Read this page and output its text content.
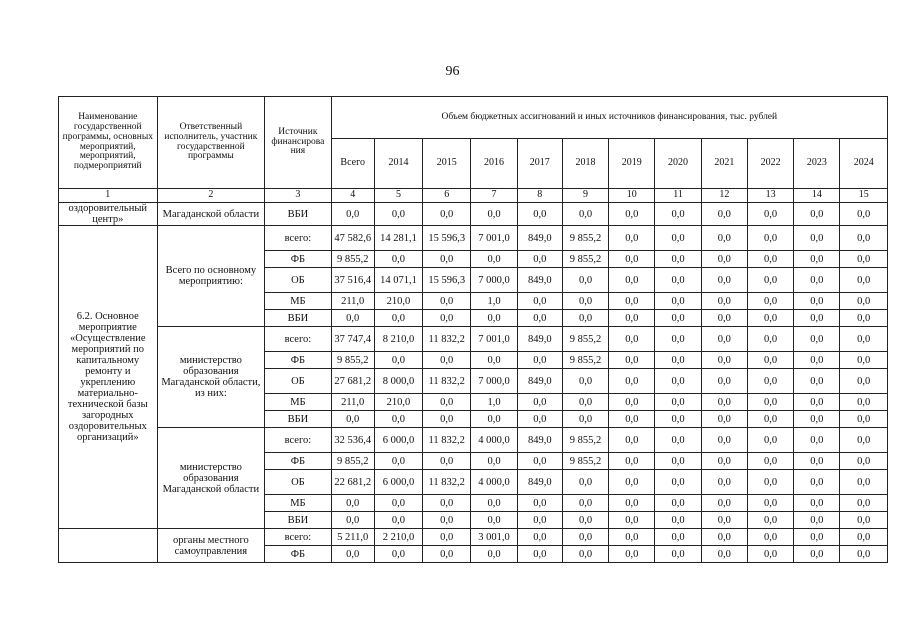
96
Наименование государственной программы, основных мероприятий, мероприятий, подмероприятий	Ответственный исполнитель, участник государственной программы	Источник финансирова ния	Объем бюджетных ассигнований и иных источников финансирования, тыс. рублей											
			Всего	2014	2015	2016	2017	2018	2019	2020	2021	2022	2023	2024
1	2	3	4	5	6	7	8	9	10	11	12	13	14	15
оздоровительный центр»	Магаданской области	ВБИ	0,0	0,0	0,0	0,0	0,0	0,0	0,0	0,0	0,0	0,0	0,0	0,0
6.2. Основное мероприятие «Осуществление мероприятий по капитальному ремонту и укреплению материально-технической базы загородных оздоровительных организаций»	Всего по основному мероприятию:	всего:	47 582,6	14 281,1	15 596,3	7 001,0	849,0	9 855,2	0,0	0,0	0,0	0,0	0,0	0,0
		ФБ	9 855,2	0,0	0,0	0,0	0,0	9 855,2	0,0	0,0	0,0	0,0	0,0	0,0
		ОБ	37 516,4	14 071,1	15 596,3	7 000,0	849,0	0,0	0,0	0,0	0,0	0,0	0,0	0,0
		МБ	211,0	210,0	0,0	1,0	0,0	0,0	0,0	0,0	0,0	0,0	0,0	0,0
		ВБИ	0,0	0,0	0,0	0,0	0,0	0,0	0,0	0,0	0,0	0,0	0,0	0,0
	министерство образования Магаданской области, из них:	всего:	37 747,4	8 210,0	11 832,2	7 001,0	849,0	9 855,2	0,0	0,0	0,0	0,0	0,0	0,0
		ФБ	9 855,2	0,0	0,0	0,0	0,0	9 855,2	0,0	0,0	0,0	0,0	0,0	0,0
		ОБ	27 681,2	8 000,0	11 832,2	7 000,0	849,0	0,0	0,0	0,0	0,0	0,0	0,0	0,0
		МБ	211,0	210,0	0,0	1,0	0,0	0,0	0,0	0,0	0,0	0,0	0,0	0,0
		ВБИ	0,0	0,0	0,0	0,0	0,0	0,0	0,0	0,0	0,0	0,0	0,0	0,0
	министерство образования Магаданской области	всего:	32 536,4	6 000,0	11 832,2	4 000,0	849,0	9 855,2	0,0	0,0	0,0	0,0	0,0	0,0
		ФБ	9 855,2	0,0	0,0	0,0	0,0	9 855,2	0,0	0,0	0,0	0,0	0,0	0,0
		ОБ	22 681,2	6 000,0	11 832,2	4 000,0	849,0	0,0	0,0	0,0	0,0	0,0	0,0	0,0
		МБ	0,0	0,0	0,0	0,0	0,0	0,0	0,0	0,0	0,0	0,0	0,0	0,0
		ВБИ	0,0	0,0	0,0	0,0	0,0	0,0	0,0	0,0	0,0	0,0	0,0	0,0
	органы местного самоуправления	всего:	5 211,0	2 210,0	0,0	3 001,0	0,0	0,0	0,0	0,0	0,0	0,0	0,0	0,0
		ФБ	0,0	0,0	0,0	0,0	0,0	0,0	0,0	0,0	0,0	0,0	0,0	0,0
